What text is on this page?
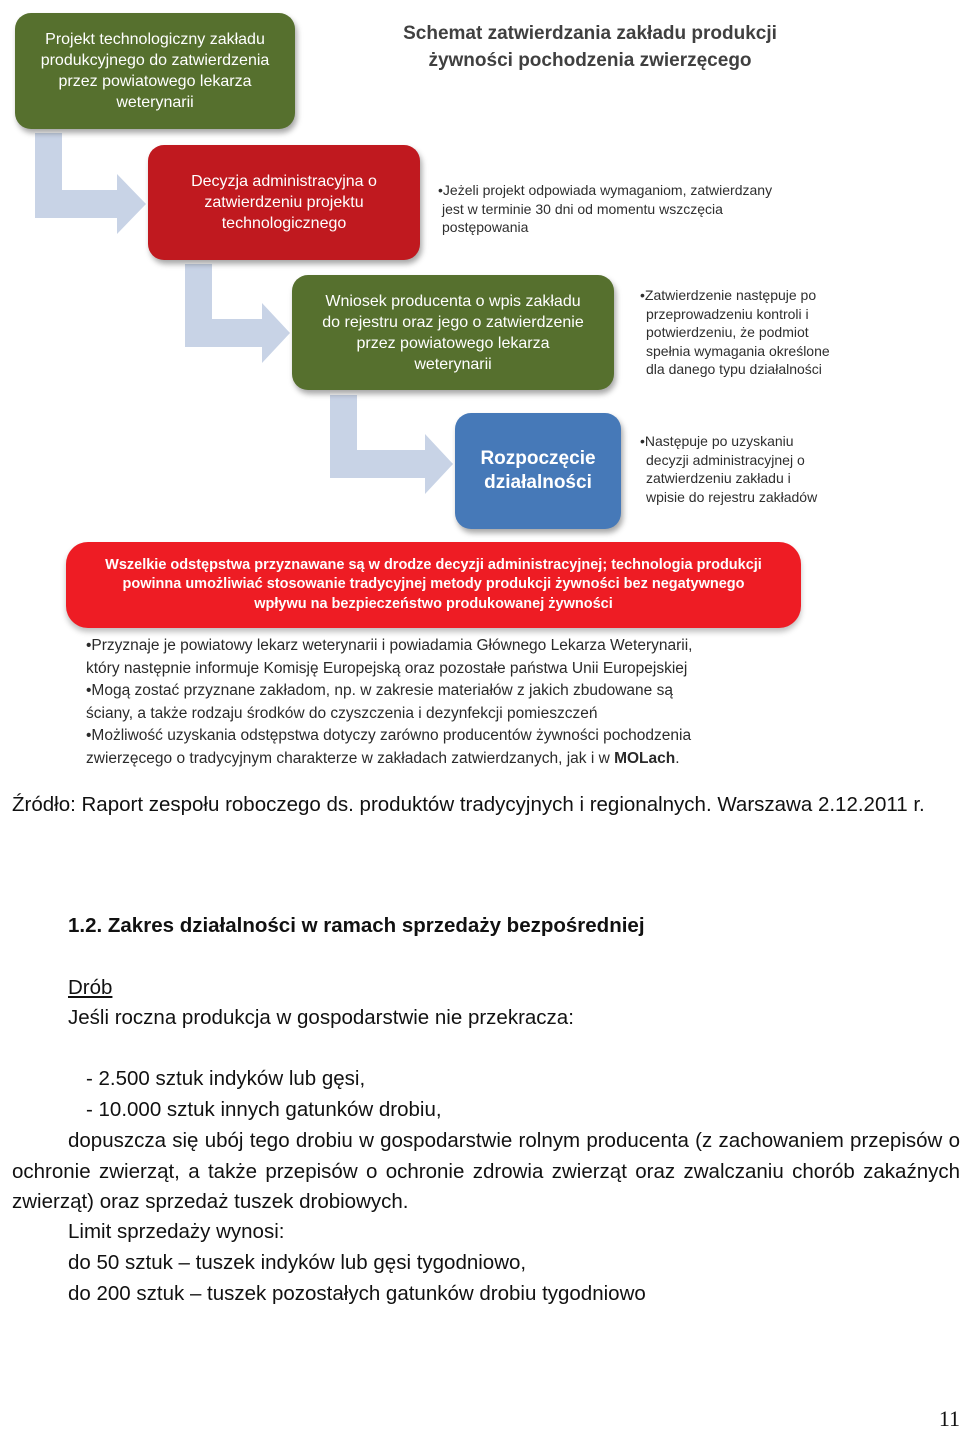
Schemat zatwierdzania zakładu produkcji
żywności pochodzenia zwierzęcego
Projekt technologiczny zakładu
produkcyjnego do zatwierdzenia
przez powiatowego lekarza
weterynarii
Decyzja administracyjna o
zatwierdzeniu projektu
technologicznego
Wniosek producenta o wpis zakładu
do rejestru oraz jego o zatwierdzenie
przez powiatowego lekarza
weterynarii
Rozpoczęcie
działalności
•Jeżeli projekt odpowiada wymaganiom, zatwierdzany
jest w terminie 30 dni od momentu wszczęcia
postępowania
•Zatwierdzenie następuje po
przeprowadzeniu kontroli i
potwierdzeniu, że podmiot
spełnia wymagania określone
dla danego typu działalności
•Następuje po uzyskaniu
decyzji administracyjnej o
zatwierdzeniu zakładu i
wpisie do rejestru zakładów
Wszelkie odstępstwa przyznawane są w drodze decyzji administracyjnej; technologia produkcji
powinna umożliwiać stosowanie tradycyjnej metody produkcji żywności bez negatywnego
wpływu na bezpieczeństwo produkowanej żywności
•Przyznaje je powiatowy lekarz weterynarii i powiadamia Głównego Lekarza Weterynarii,
który następnie informuje Komisję Europejską oraz pozostałe państwa Unii Europejskiej
•Mogą zostać przyznane zakładom, np. w zakresie materiałów z jakich zbudowane są
ściany, a także rodzaju środków do czyszczenia i dezynfekcji pomieszczeń
•Możliwość uzyskania odstępstwa dotyczy zarówno producentów żywności pochodzenia
zwierzęcego o tradycyjnym charakterze w zakładach zatwierdzanych, jak i w MOLach.
Źródło: Raport zespołu roboczego ds. produktów tradycyjnych i regionalnych. Warszawa 2.12.2011 r.
1.2. Zakres działalności w ramach sprzedaży bezpośredniej
Drób
Jeśli roczna produkcja w gospodarstwie nie przekracza:
- 2.500 sztuk indyków lub gęsi,
- 10.000 sztuk innych gatunków drobiu,
dopuszcza się ubój tego drobiu w gospodarstwie rolnym producenta (z zachowaniem przepisów o ochronie zwierząt, a także przepisów o ochronie zdrowia zwierząt oraz zwalczaniu chorób zakaźnych zwierząt) oraz sprzedaż tuszek drobiowych.
Limit sprzedaży wynosi:
do 50 sztuk – tuszek indyków lub gęsi tygodniowo,
do 200 sztuk – tuszek pozostałych gatunków drobiu tygodniowo
11
